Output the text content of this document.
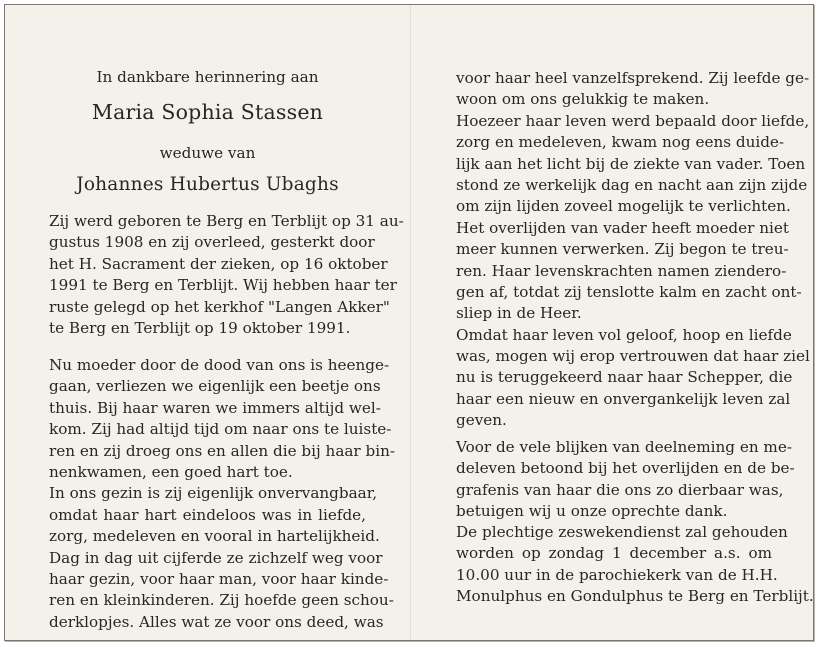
In dankbare herinnering aan
Maria Sophia Stassen
weduwe van
Johannes Hubertus Ubaghs
Zij werd geboren te Berg en Terblijt op 31 au-
gustus 1908 en zij overleed, gesterkt door
het H. Sacrament der zieken, op 16 oktober
1991 te Berg en Terblijt. Wij hebben haar ter
ruste gelegd op het kerkhof "Langen Akker"
te Berg en Terblijt op 19 oktober 1991.
Nu moeder door de dood van ons is heenge-
gaan, verliezen we eigenlijk een beetje ons
thuis. Bij haar waren we immers altijd wel-
kom. Zij had altijd tijd om naar ons te luiste-
ren en zij droeg ons en allen die bij haar bin-
nenkwamen, een goed hart toe.
In ons gezin is zij eigenlijk onvervangbaar,
omdat haar hart eindeloos was in liefde,
zorg, medeleven en vooral in hartelijkheid.
Dag in dag uit cijferde ze zichzelf weg voor
haar gezin, voor haar man, voor haar kinde-
ren en kleinkinderen. Zij hoefde geen schou-
derklopjes. Alles wat ze voor ons deed, was
voor haar heel vanzelfsprekend. Zij leefde ge-
woon om ons gelukkig te maken.
Hoezeer haar leven werd bepaald door liefde,
zorg en medeleven, kwam nog eens duide-
lijk aan het licht bij de ziekte van vader. Toen
stond ze werkelijk dag en nacht aan zijn zijde
om zijn lijden zoveel mogelijk te verlichten.
Het overlijden van vader heeft moeder niet
meer kunnen verwerken. Zij begon te treu-
ren. Haar levenskrachten namen ziendero-
gen af, totdat zij tenslotte kalm en zacht ont-
sliep in de Heer.
Omdat haar leven vol geloof, hoop en liefde
was, mogen wij erop vertrouwen dat haar ziel
nu is teruggekeerd naar haar Schepper, die
haar een nieuw en onvergankelijk leven zal
geven.
Voor de vele blijken van deelneming en me-
deleven betoond bij het overlijden en de be-
grafenis van haar die ons zo dierbaar was,
betuigen wij u onze oprechte dank.
De plechtige zeswekendienst zal gehouden
worden op zondag 1 december a.s. om
10.00 uur in de parochiekerk van de H.H.
Monulphus en Gondulphus te Berg en Terblijt.
